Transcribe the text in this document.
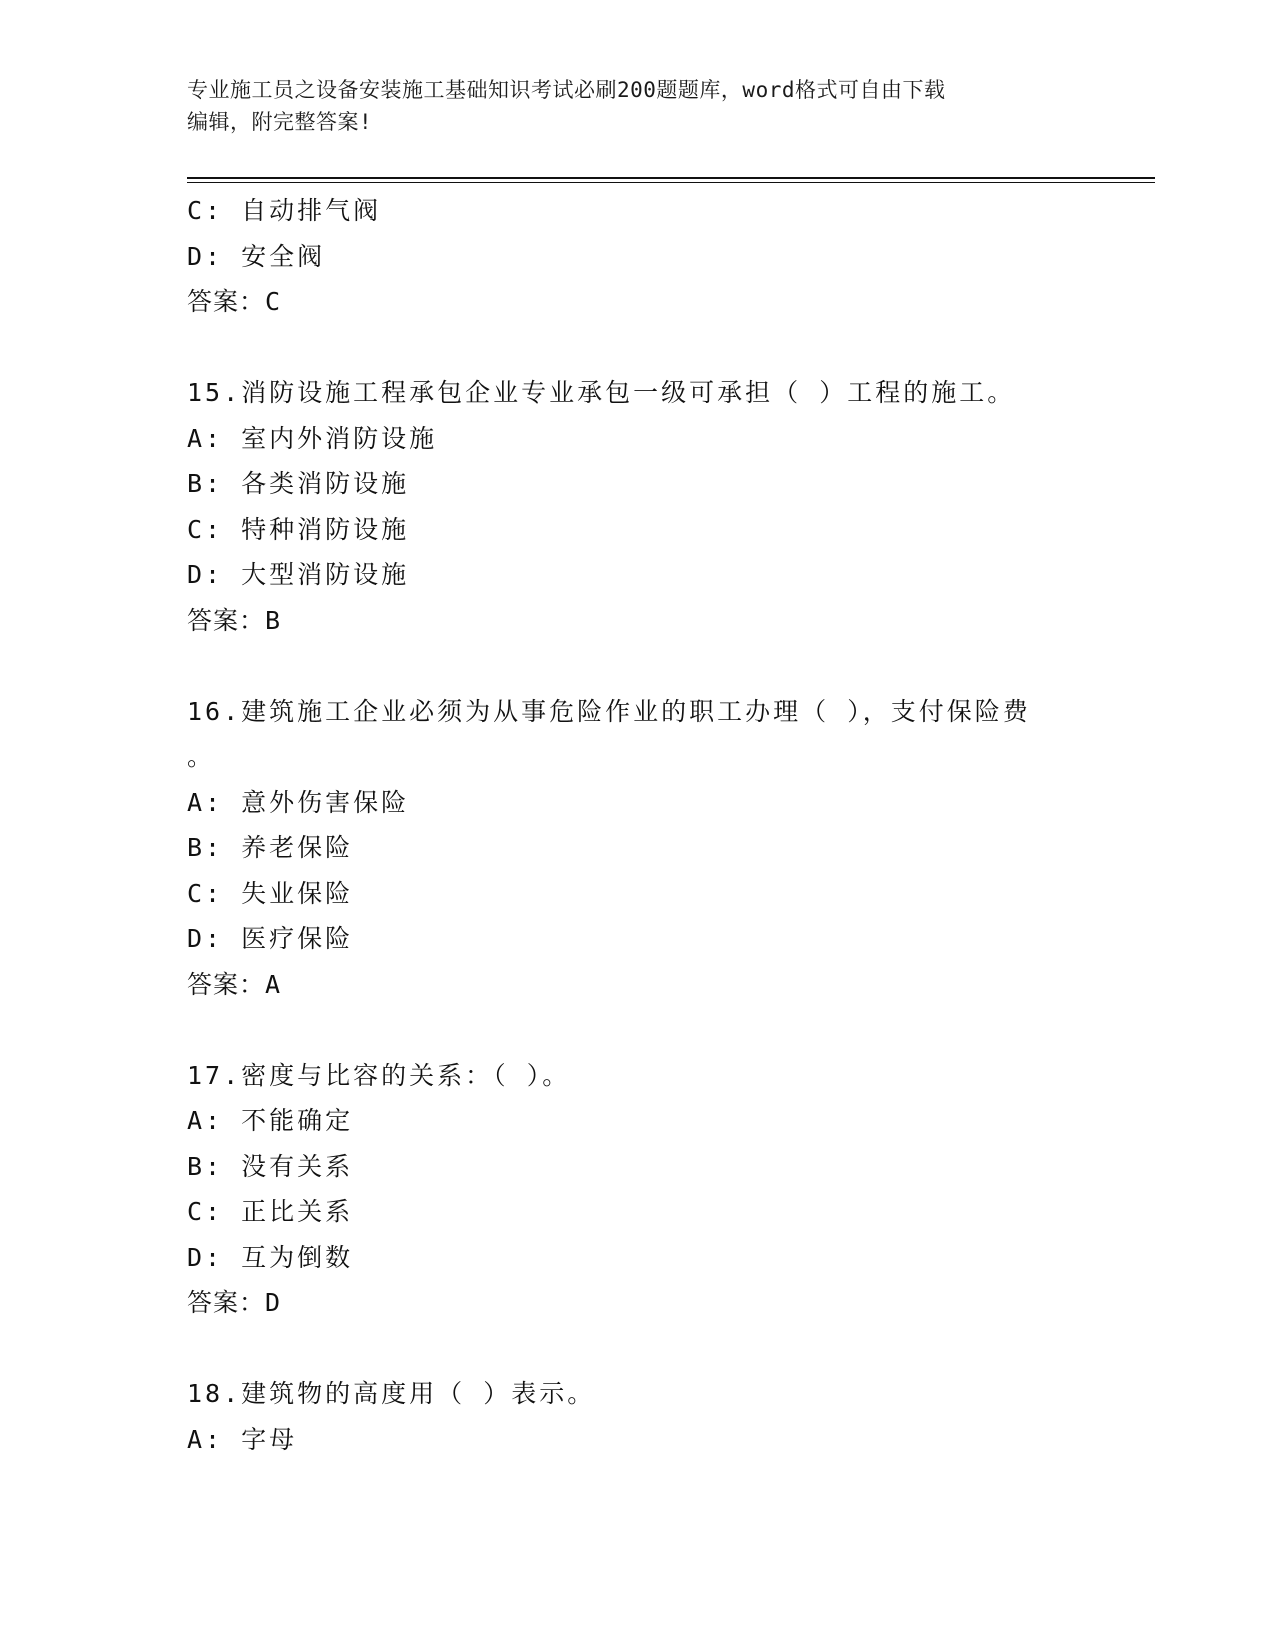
专业施工员之设备安装施工基础知识考试必刷200题题库，word格式可自由下载
编辑，附完整答案!
C: 自动排气阀
D: 安全阀
答案：C
15.消防设施工程承包企业专业承包一级可承担（ ）工程的施工。
A: 室内外消防设施
B: 各类消防设施
C: 特种消防设施
D: 大型消防设施
答案：B
16.建筑施工企业必须为从事危险作业的职工办理（ ），支付保险费
。
A: 意外伤害保险
B: 养老保险
C: 失业保险
D: 医疗保险
答案：A
17.密度与比容的关系：（ ）。
A: 不能确定
B: 没有关系
C: 正比关系
D: 互为倒数
答案：D
18.建筑物的高度用（ ）表示。
A: 字母
